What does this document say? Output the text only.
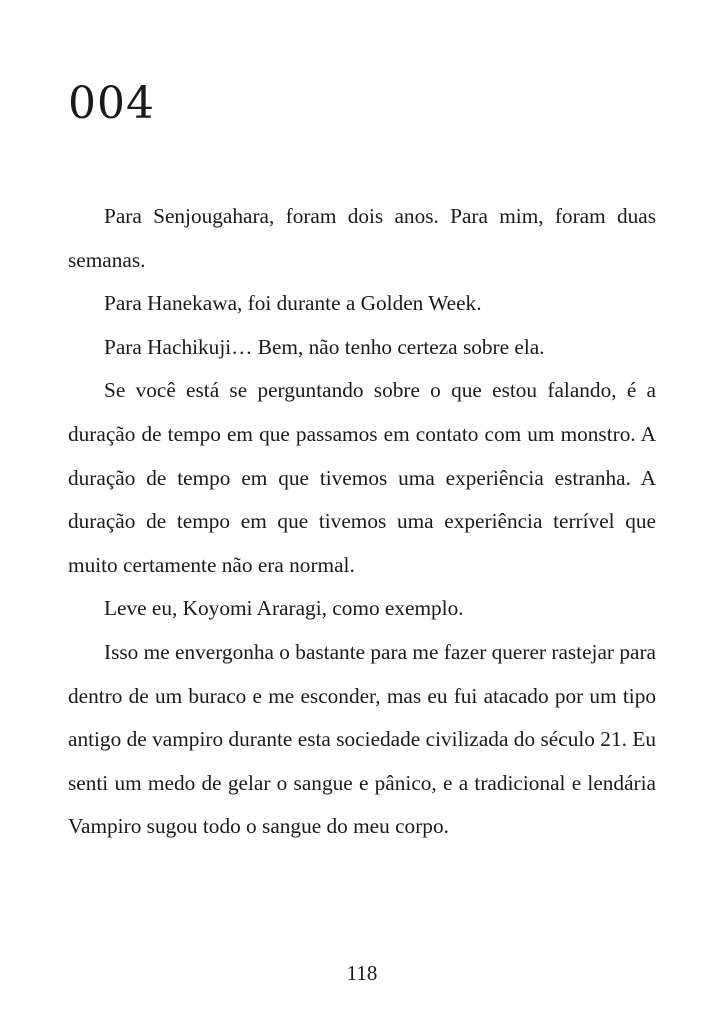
004

Para Senjougahara, foram dois anos. Para mim, foram duas semanas.

Para Hanekawa, foi durante a Golden Week.

Para Hachikuji… Bem, não tenho certeza sobre ela.

Se você está se perguntando sobre o que estou falando, é a duração de tempo em que passamos em contato com um monstro. A duração de tempo em que tivemos uma experiência estranha. A duração de tempo em que tivemos uma experiência terrível que muito certamente não era normal.

Leve eu, Koyomi Araragi, como exemplo.

Isso me envergonha o bastante para me fazer querer rastejar para dentro de um buraco e me esconder, mas eu fui atacado por um tipo antigo de vampiro durante esta sociedade civilizada do século 21. Eu senti um medo de gelar o sangue e pânico, e a tradicional e lendária Vampiro sugou todo o sangue do meu corpo.

118
